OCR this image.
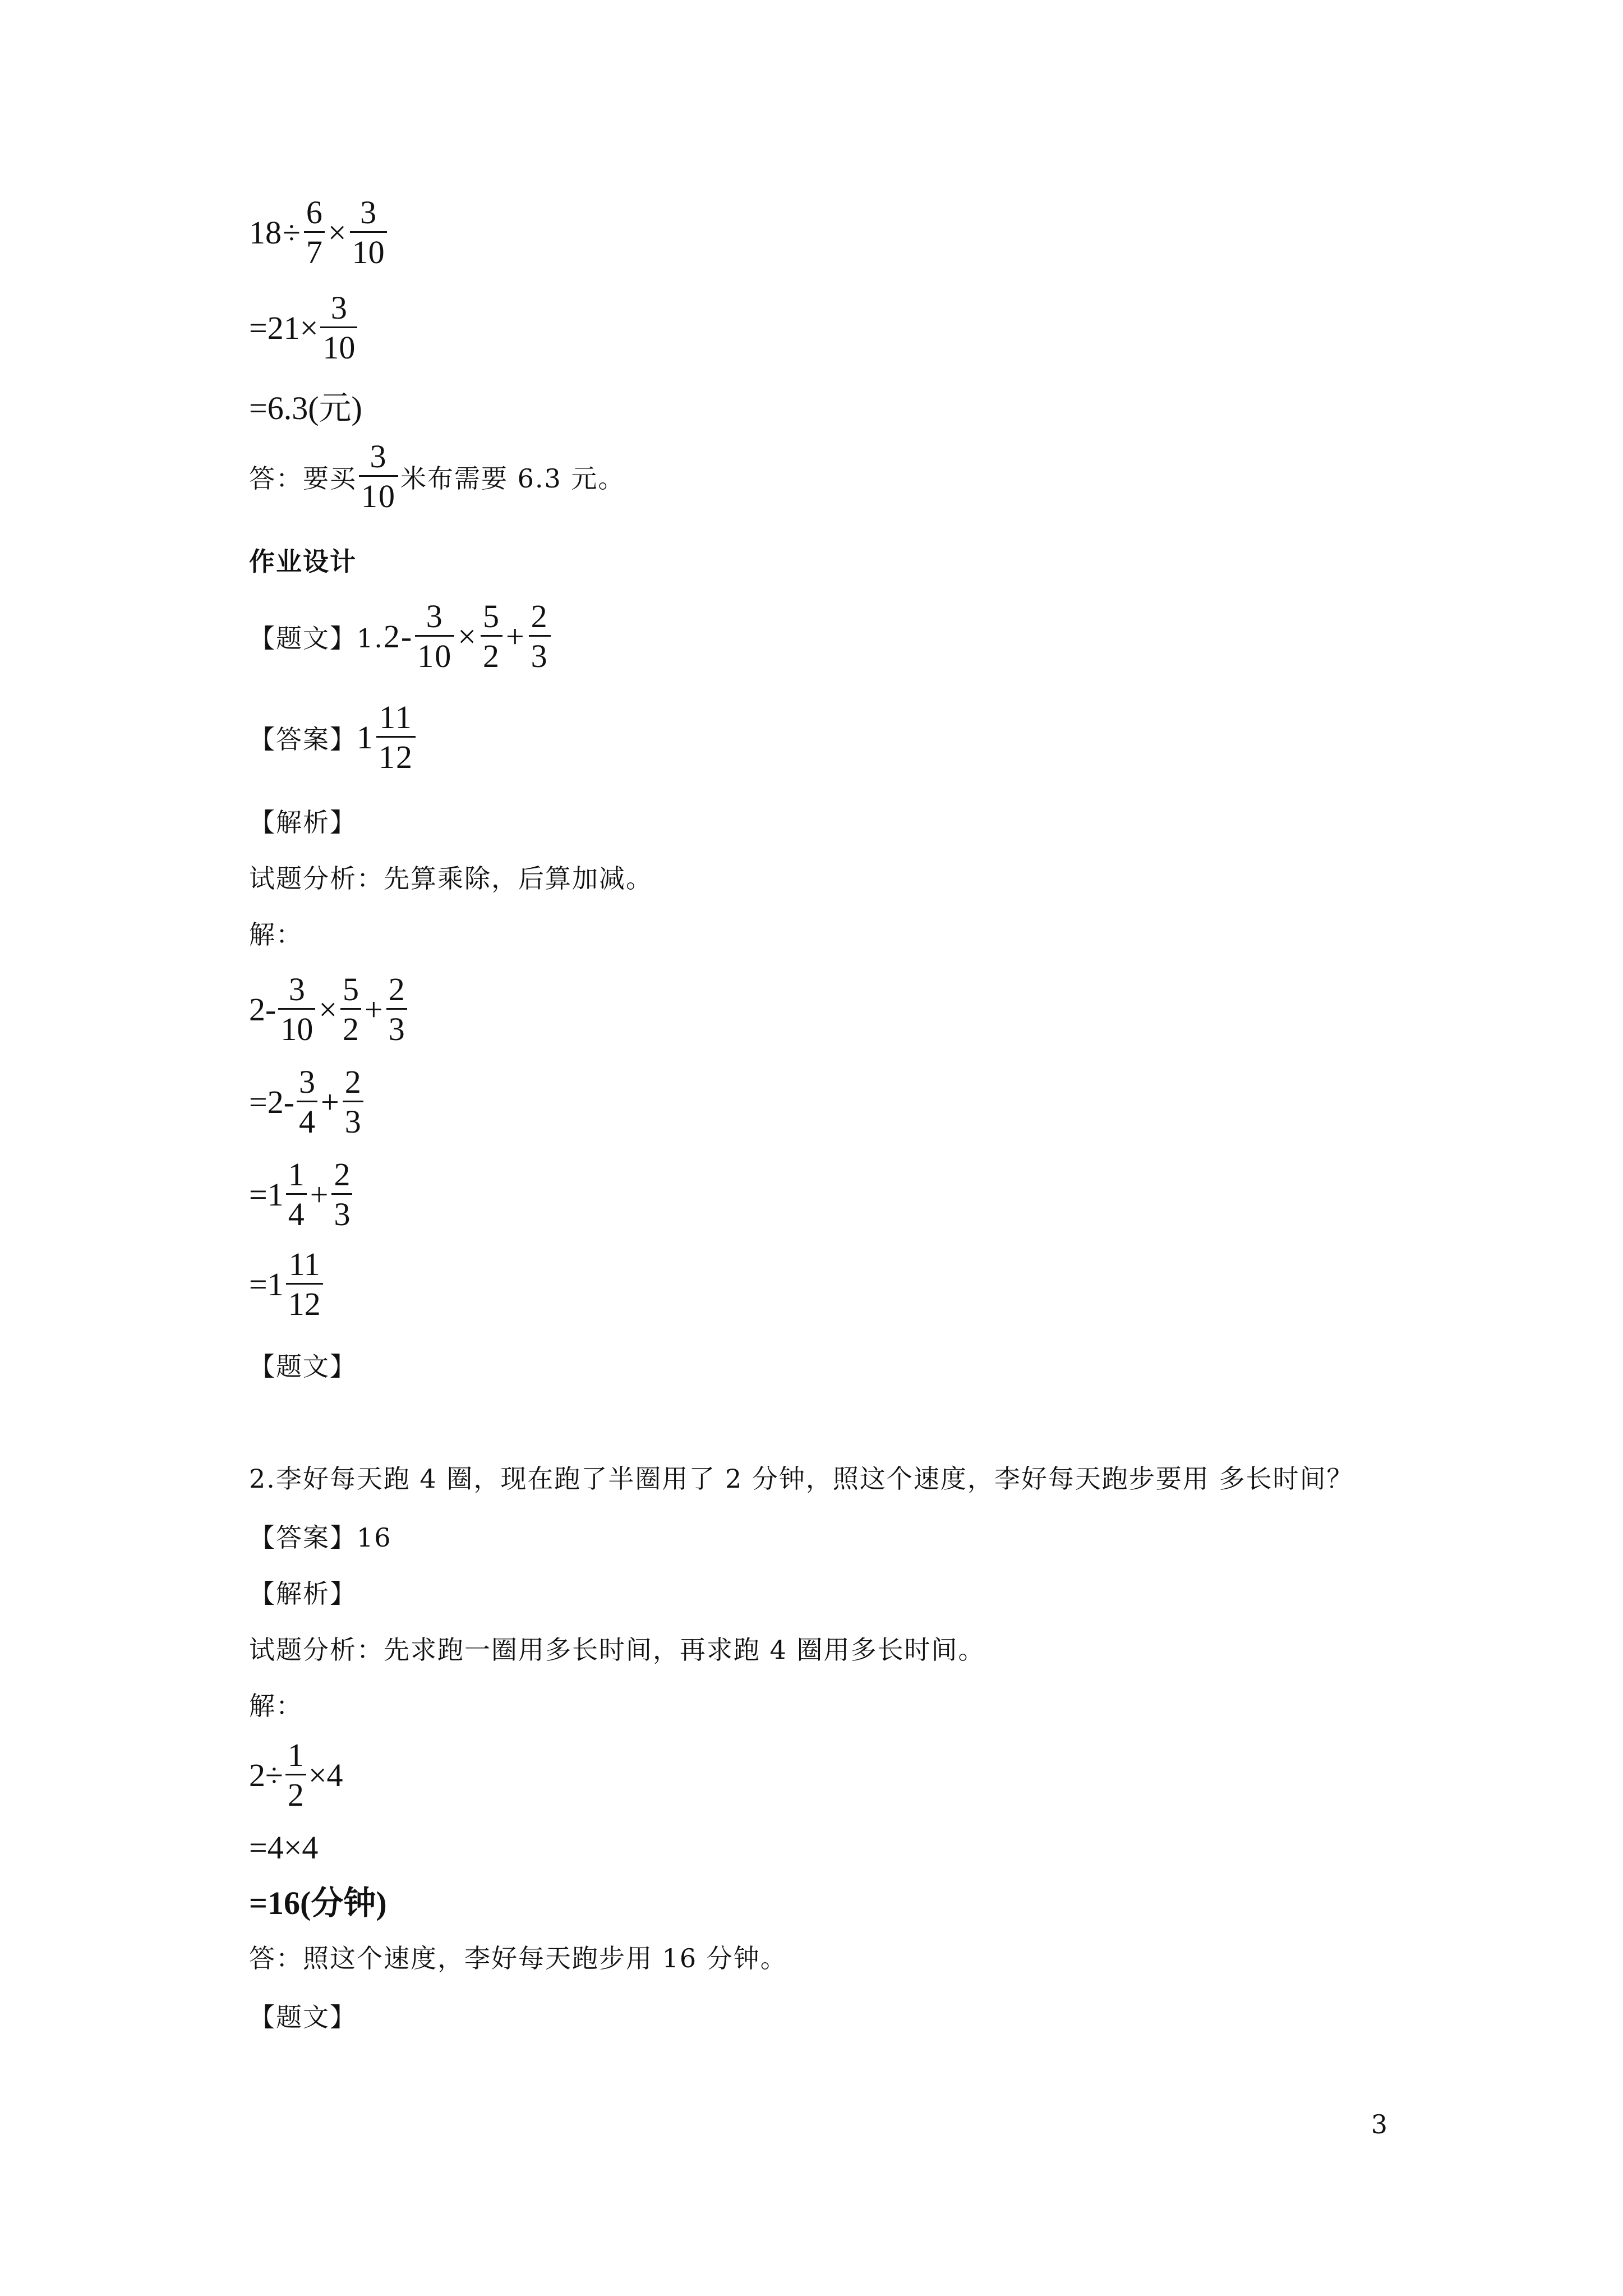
$18 \div \frac{6}{7} \times \frac{3}{10}$
$=21\times \frac{3}{10}$
=6.3(元)
答：要买 $\frac{3}{10}$ 米布需要 6.3 元。
作业设计
【题文】1. $2- \frac{3}{10} \times \frac{5}{2} + \frac{2}{3}$
【答案】 $1 \frac{11}{12}$
【解析】
试题分析：先算乘除，后算加减。
解：
$2- \frac{3}{10} \times \frac{5}{2} + \frac{2}{3}$
$=2- \frac{3}{4} + \frac{2}{3}$
$=1 \frac{1}{4} + \frac{2}{3}$
$=1 \frac{11}{12}$
【题文】
2.李好每天跑 4 圈，现在跑了半圈用了 2 分钟，照这个速度，李好每天跑步要用 多长时间？
【答案】16
【解析】
试题分析：先求跑一圈用多长时间，再求跑 4 圈用多长时间。
解：
$2\div \frac{1}{2} \times 4$
=4×4
=16(分钟)
答：照这个速度，李好每天跑步用 16 分钟。
【题文】
3
